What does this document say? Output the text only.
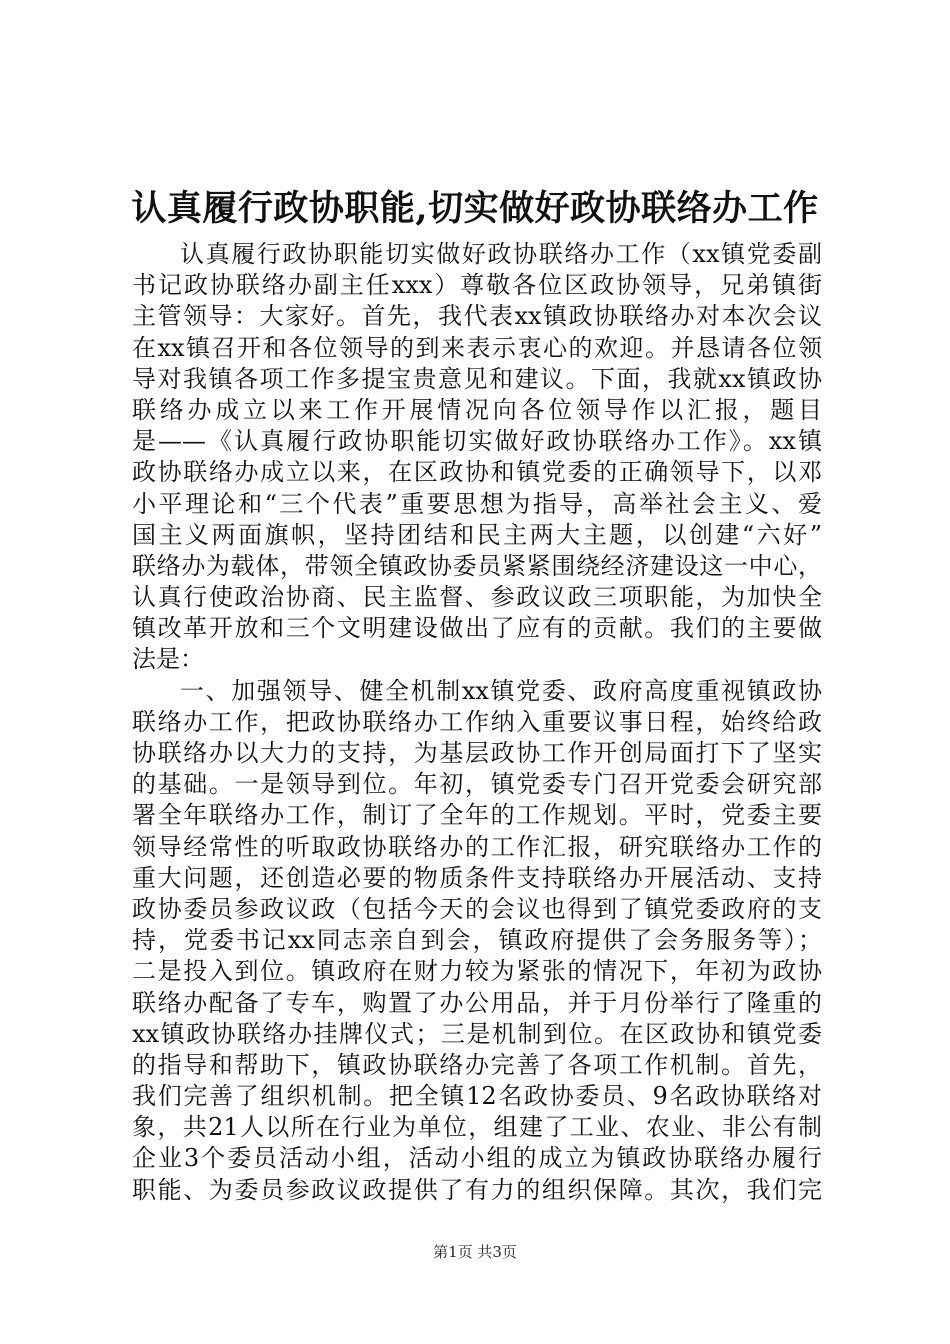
认真履行政协职能,切实做好政协联络办工作
认真履行政协职能切实做好政协联络办工作（xx镇党委副
书记政协联络办副主任xxx）尊敬各位区政协领导，兄弟镇街
主管领导：大家好。首先，我代表xx镇政协联络办对本次会议
在xx镇召开和各位领导的到来表示衷心的欢迎。并恳请各位领
导对我镇各项工作多提宝贵意见和建议。下面，我就xx镇政协
联络办成立以来工作开展情况向各位领导作以汇报，题目
是——《认真履行政协职能切实做好政协联络办工作》。xx镇
政协联络办成立以来，在区政协和镇党委的正确领导下，以邓
小平理论和“三个代表”重要思想为指导，高举社会主义、爱
国主义两面旗帜，坚持团结和民主两大主题，以创建“六好”
联络办为载体，带领全镇政协委员紧紧围绕经济建设这一中心，
认真行使政治协商、民主监督、参政议政三项职能，为加快全
镇改革开放和三个文明建设做出了应有的贡献。我们的主要做
法是：
一、加强领导、健全机制xx镇党委、政府高度重视镇政协
联络办工作，把政协联络办工作纳入重要议事日程，始终给政
协联络办以大力的支持，为基层政协工作开创局面打下了坚实
的基础。一是领导到位。年初，镇党委专门召开党委会研究部
署全年联络办工作，制订了全年的工作规划。平时，党委主要
领导经常性的听取政协联络办的工作汇报，研究联络办工作的
重大问题，还创造必要的物质条件支持联络办开展活动、支持
政协委员参政议政（包括今天的会议也得到了镇党委政府的支
持，党委书记xx同志亲自到会，镇政府提供了会务服务等）；
二是投入到位。镇政府在财力较为紧张的情况下，年初为政协
联络办配备了专车，购置了办公用品，并于月份举行了隆重的
xx镇政协联络办挂牌仪式；三是机制到位。在区政协和镇党委
的指导和帮助下，镇政协联络办完善了各项工作机制。首先，
我们完善了组织机制。把全镇12名政协委员、9名政协联络对
象，共21人以所在行业为单位，组建了工业、农业、非公有制
企业3个委员活动小组，活动小组的成立为镇政协联络办履行
职能、为委员参政议政提供了有力的组织保障。其次，我们完
第1页 共3页
